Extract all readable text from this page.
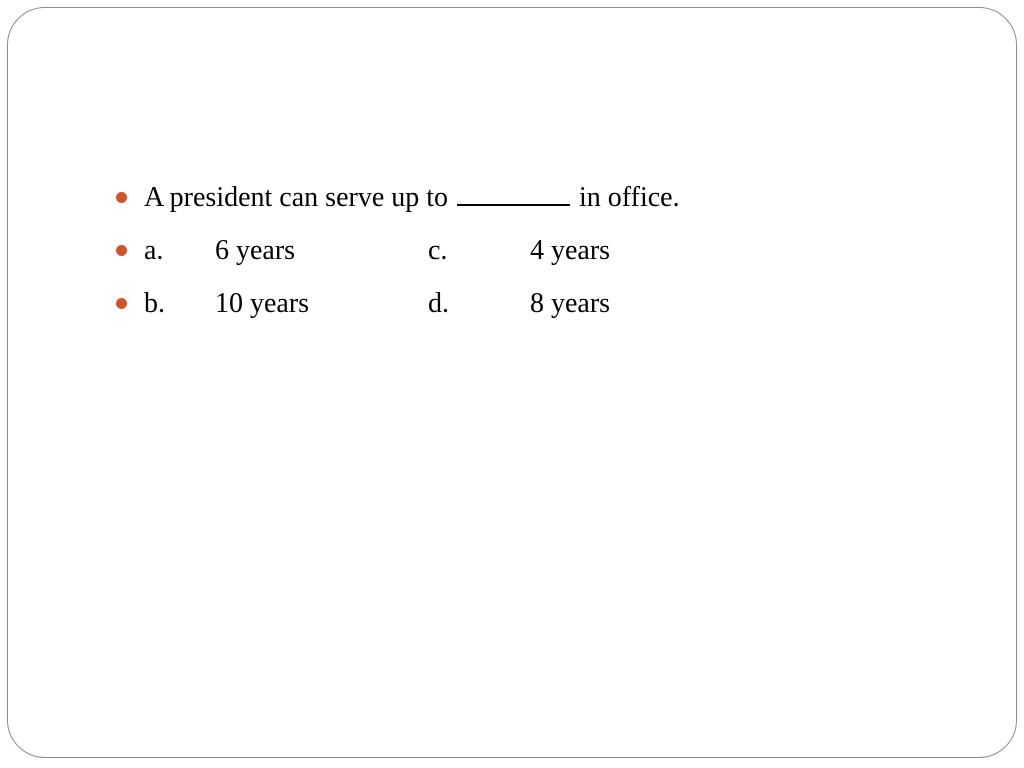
A president can serve up to	in office.
a. 6 years	c.	4 years
b. 10 years	d.	8 years
